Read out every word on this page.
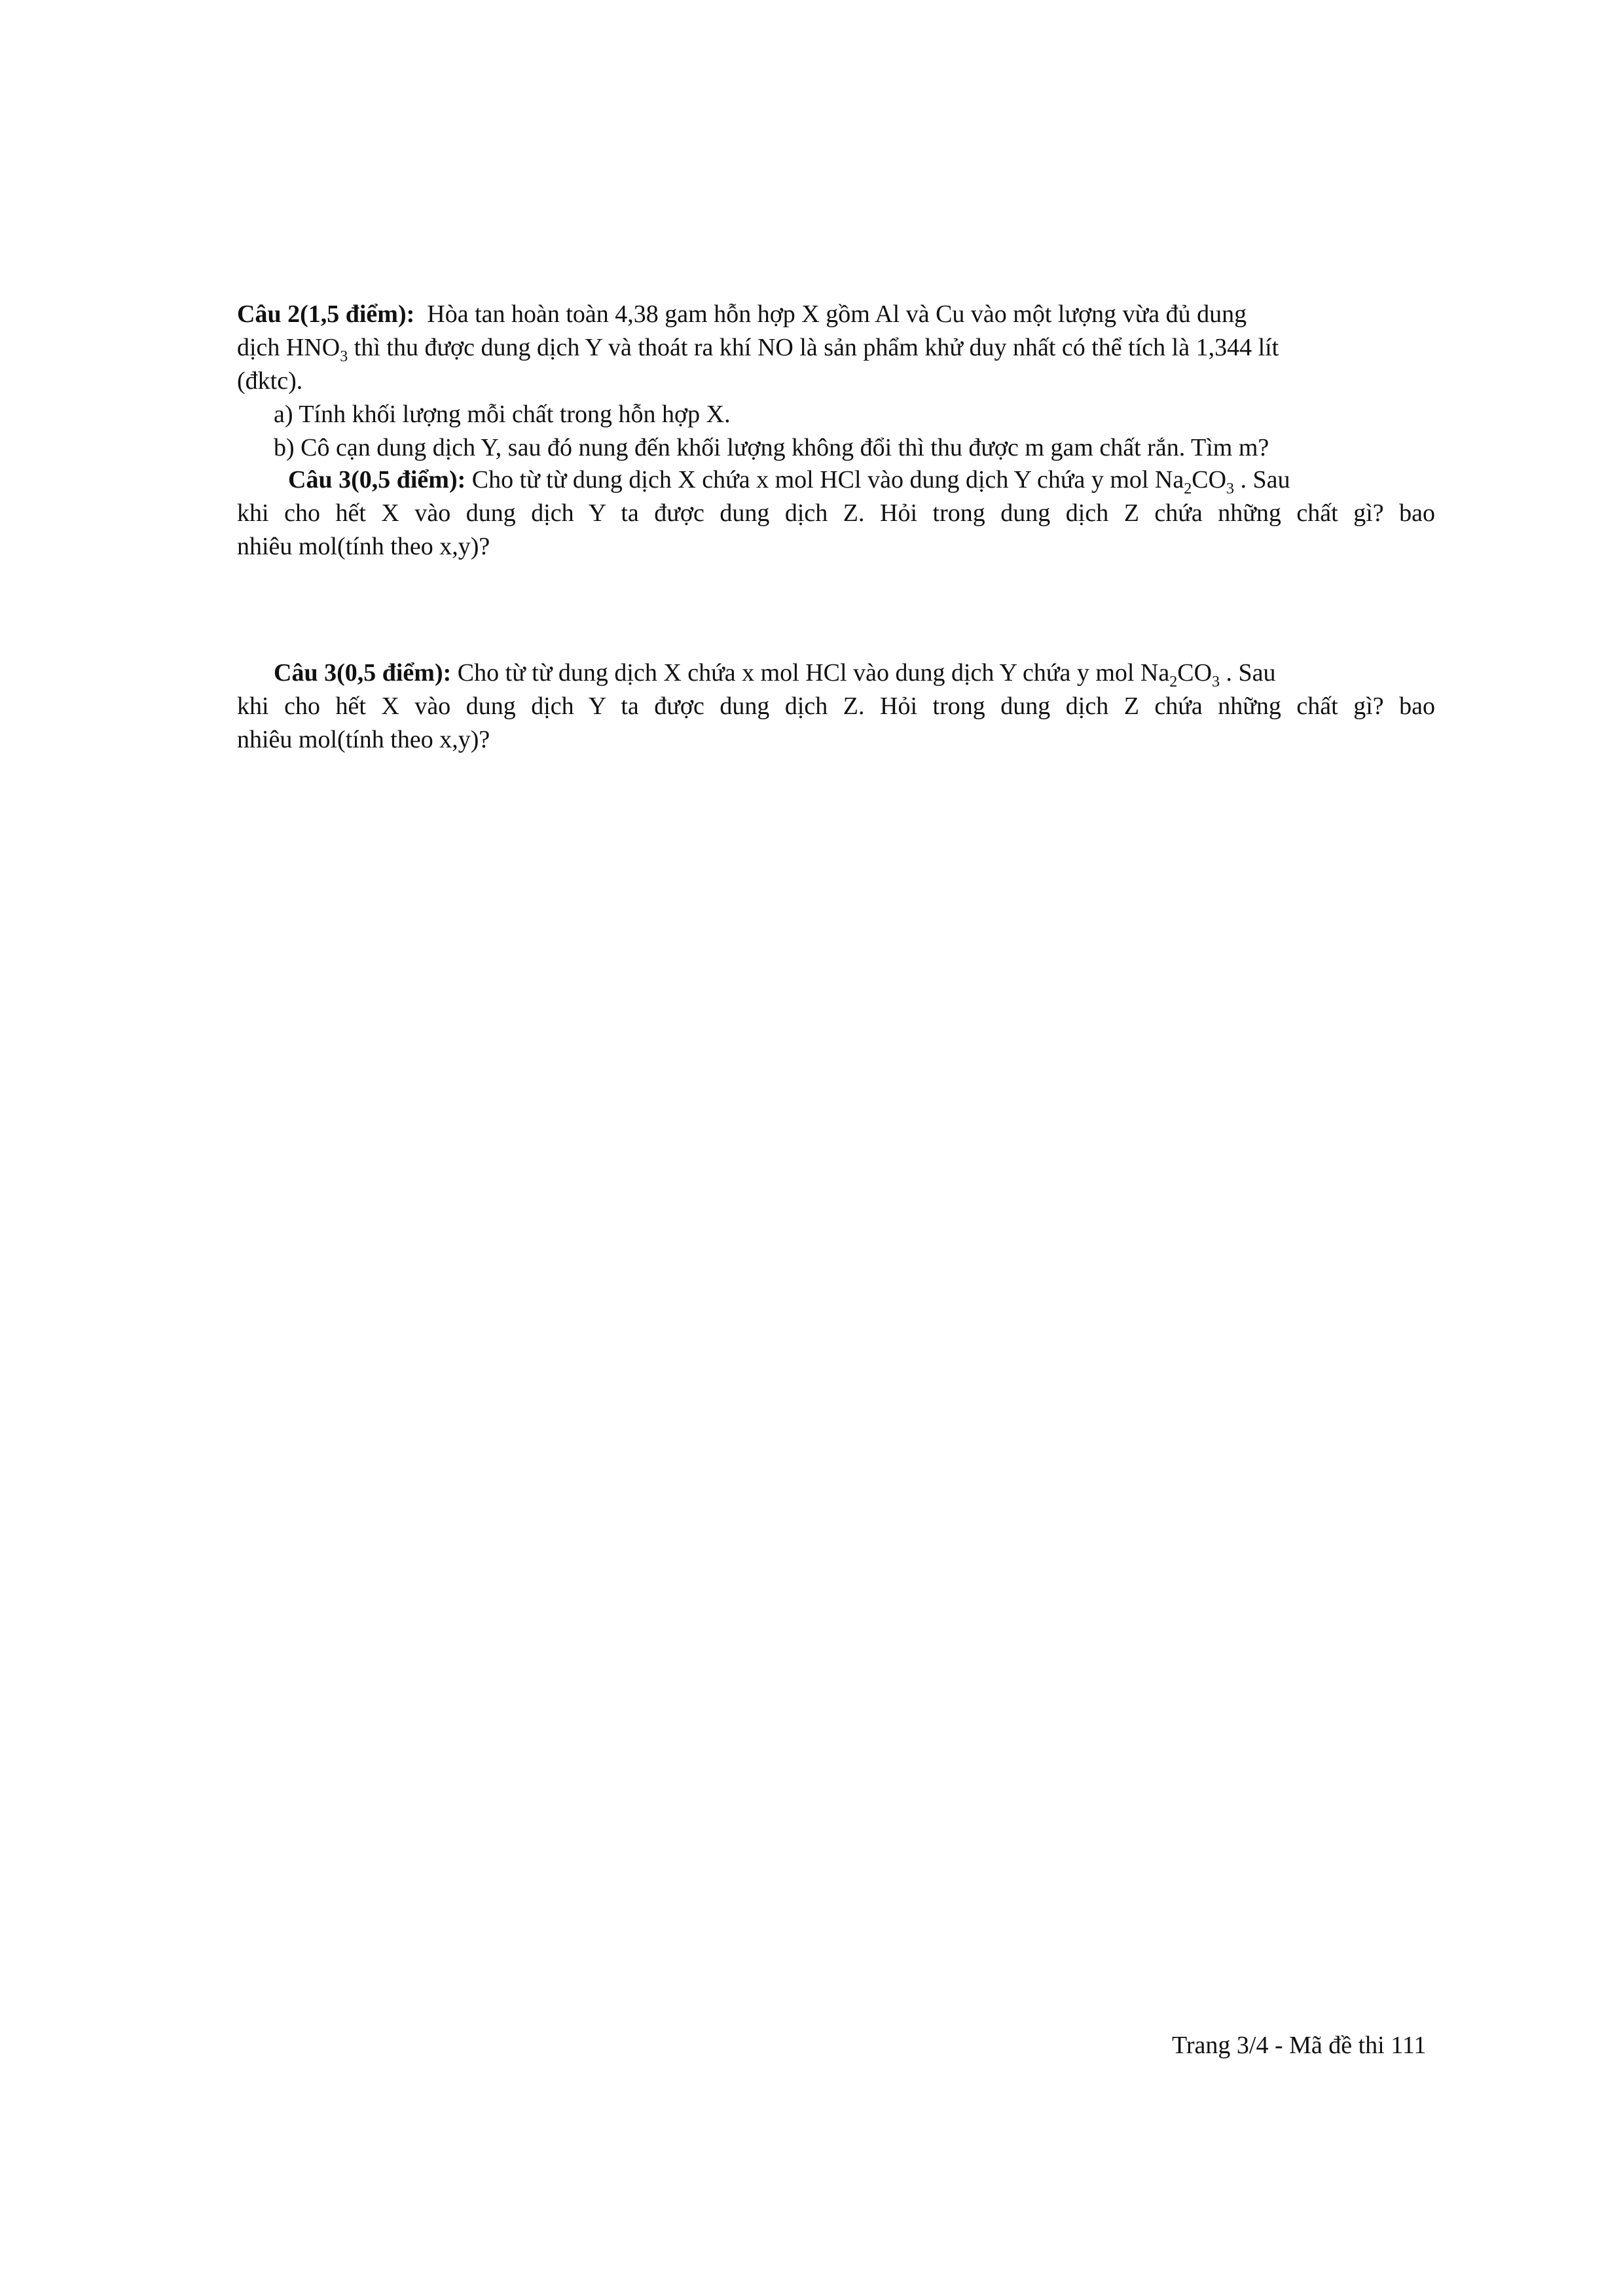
Câu 2(1,5 điểm): Hòa tan hoàn toàn 4,38 gam hỗn hợp X gồm Al và Cu vào một lượng vừa đủ dung
dịch $HNO_3$ thì thu được dung dịch Y và thoát ra khí NO là sản phẩm khử duy nhất có thể tích là 1,344 lít
(đktc).
a) Tính khối lượng mỗi chất trong hỗn hợp X.
b) Cô cạn dung dịch Y, sau đó nung đến khối lượng không đổi thì thu được m gam chất rắn. Tìm m?
Câu 3(0,5 điểm): Cho từ từ dung dịch X chứa x mol HCl vào dung dịch Y chứa y mol $Na_2CO_3$ . Sau
khi cho hết X vào dung dịch Y ta được dung dịch Z. Hỏi trong dung dịch Z chứa những chất gì? bao
nhiêu mol(tính theo x,y)?
Câu 3(0,5 điểm): Cho từ từ dung dịch X chứa x mol HCl vào dung dịch Y chứa y mol $Na_2CO_3$ . Sau
khi cho hết X vào dung dịch Y ta được dung dịch Z. Hỏi trong dung dịch Z chứa những chất gì? bao
nhiêu mol(tính theo x,y)?
Trang 3/4 - Mã đề thi 111
